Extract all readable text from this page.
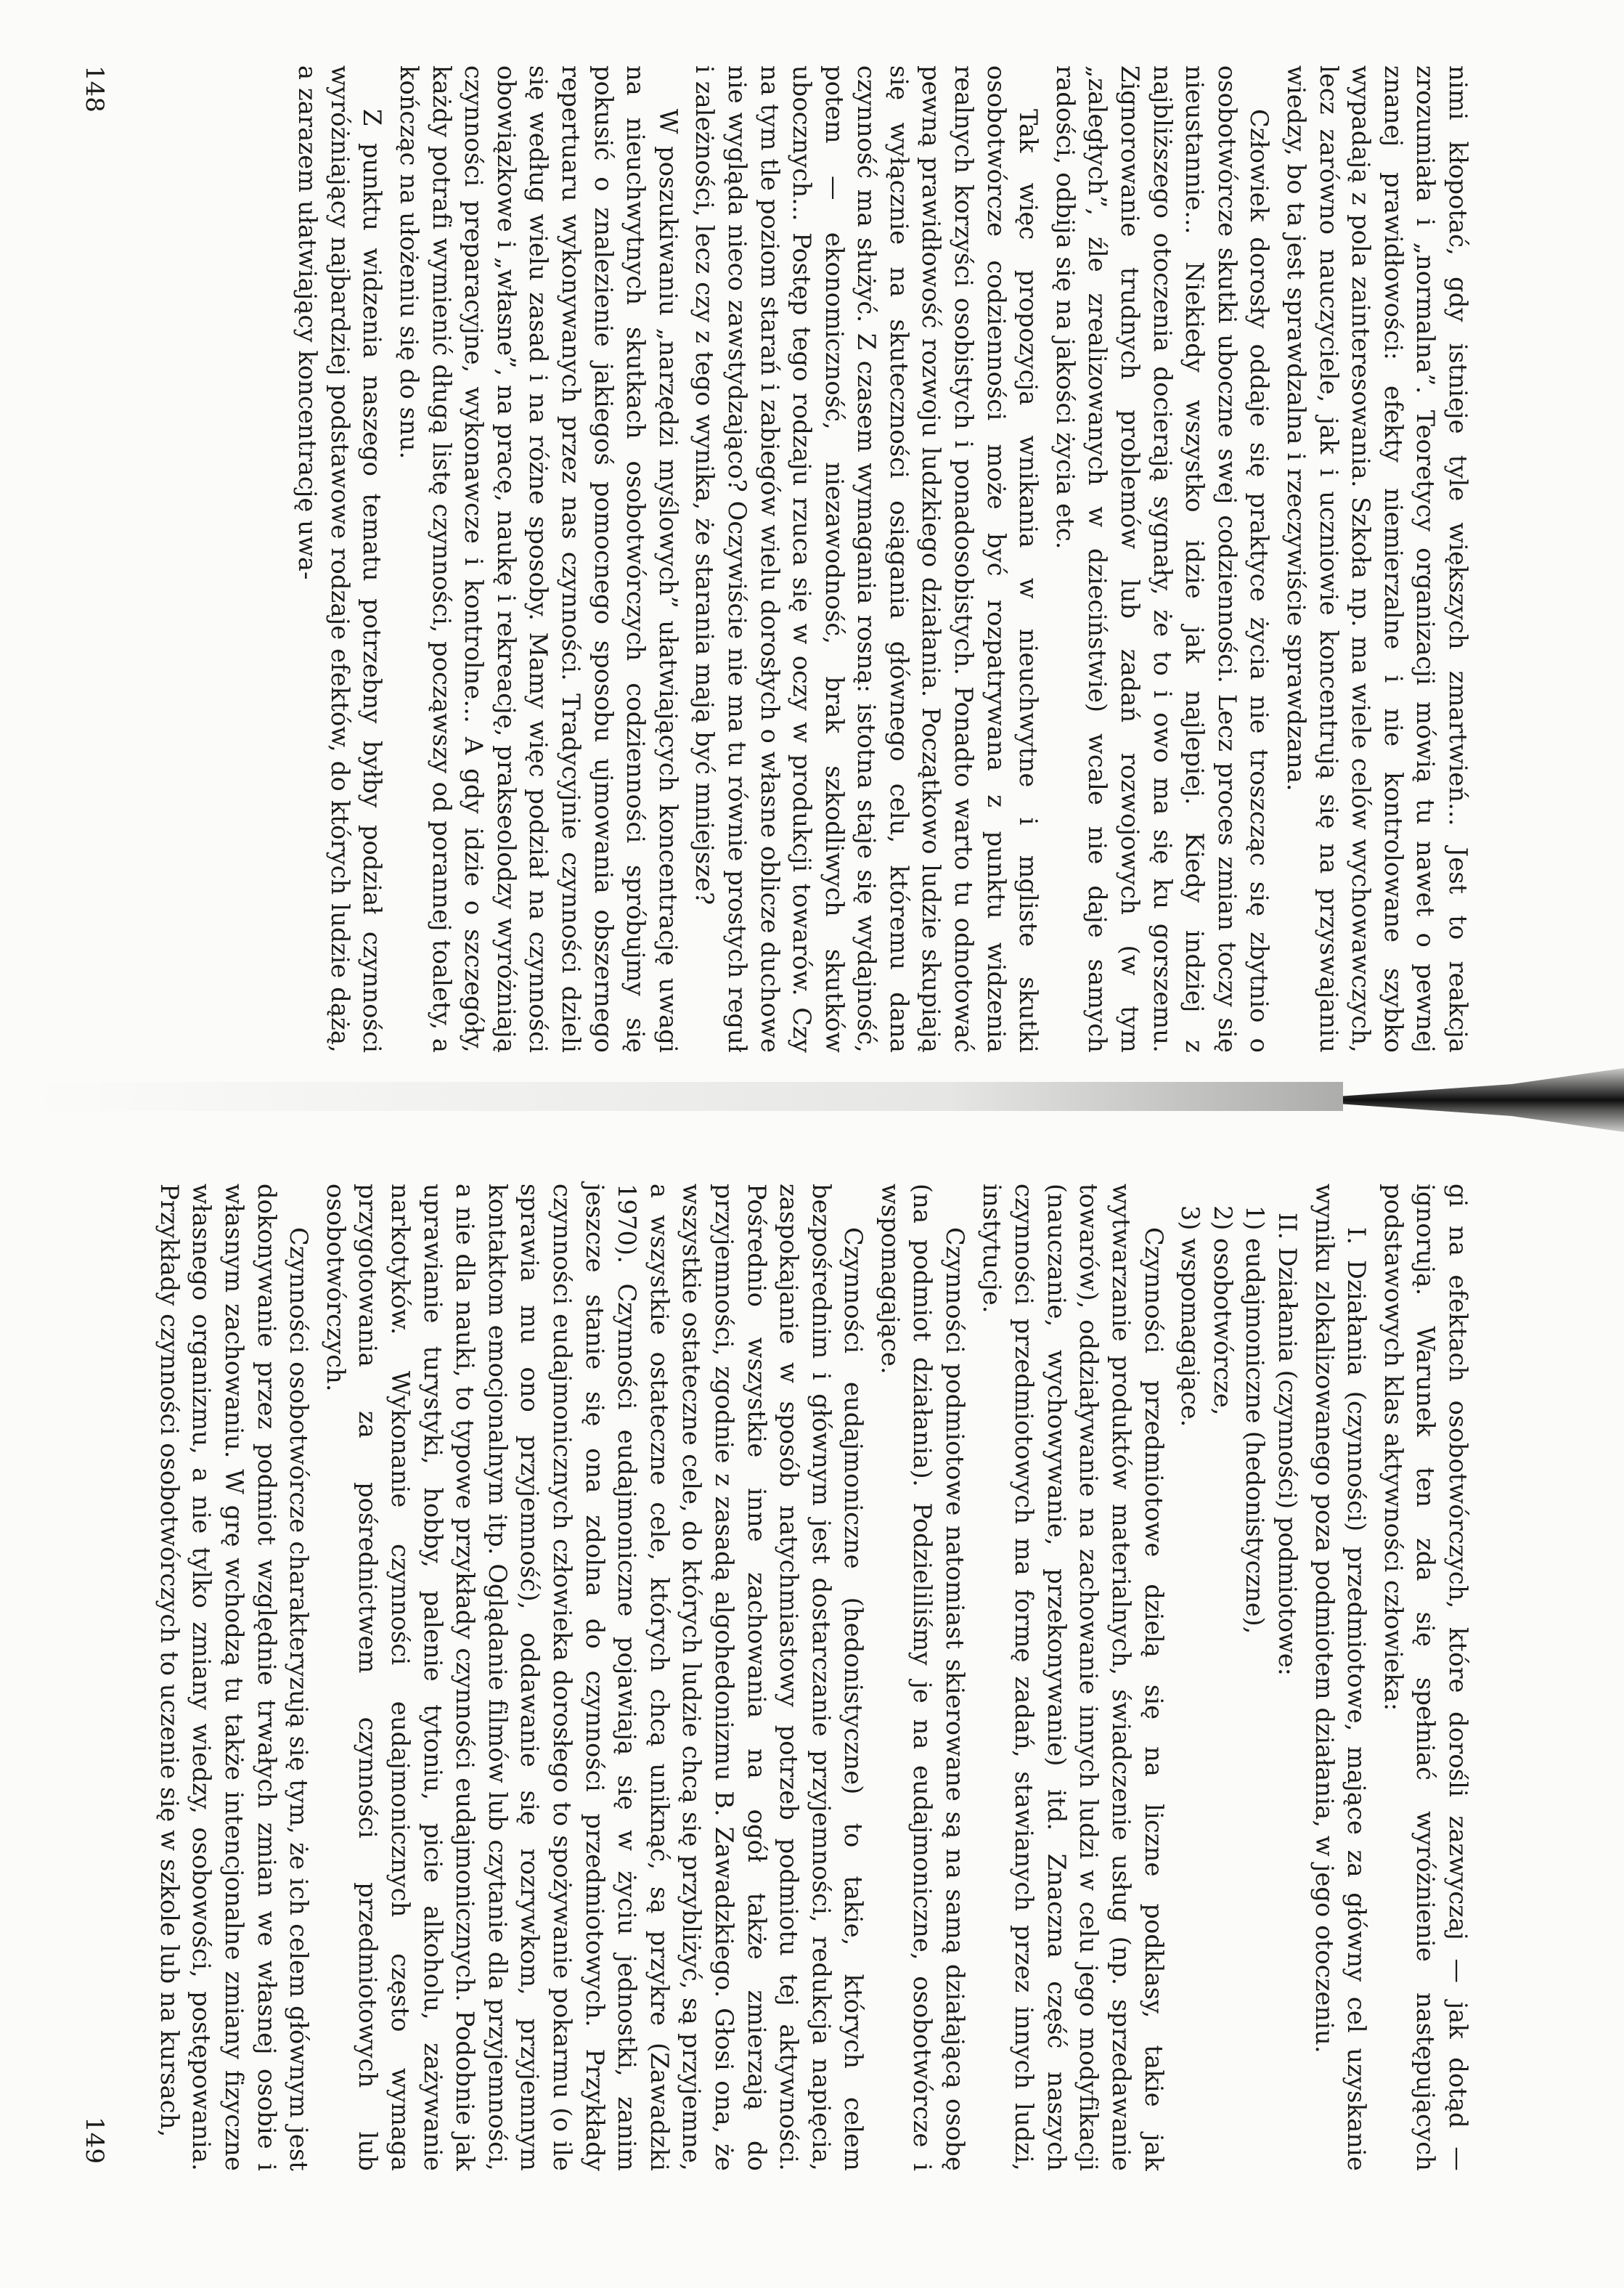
nimi kłopotać, gdy istnieje tyle większych zmartwień... Jest to reakcja zrozumiała i „normalna”. Teoretycy organizacji mówią tu nawet o pewnej znanej prawidłowości: efekty niemierzalne i nie kontrolowane szybko wypadają z pola zainteresowania. Szkoła np. ma wiele celów wychowawczych, lecz zarówno nauczyciele, jak i uczniowie koncentrują się na przyswajaniu wiedzy, bo ta jest sprawdzalna i rzeczywiście sprawdzana.

Człowiek dorosły oddaje się praktyce życia nie troszcząc się zbytnio o osobotwórcze skutki uboczne swej codzienności. Lecz proces zmian toczy się nieustannie... Niekiedy wszystko idzie jak najlepiej. Kiedy indziej z najbliższego otoczenia docierają sygnały, że to i owo ma się ku gorszemu. Zignorowanie trudnych problemów lub zadań rozwojowych (w tym „zaległych”, źle zrealizowanych w dzieciństwie) wcale nie daje samych radości, odbija się na jakości życia etc.

Tak więc propozycja wnikania w nieuchwytne i mgliste skutki osobotwórcze codzienności może być rozpatrywana z punktu widzenia realnych korzyści osobistych i ponadosobistych. Ponadto warto tu odnotować pewną prawidłowość rozwoju ludzkiego działania. Początkowo ludzie skupiają się wyłącznie na skuteczności osiągania głównego celu, któremu dana czynność ma służyć. Z czasem wymagania rosną: istotna staje się wydajność, potem — ekonomiczność, niezawodność, brak szkodliwych skutków ubocznych... Postęp tego rodzaju rzuca się w oczy w produkcji towarów. Czy na tym tle poziom starań i zabiegów wielu dorosłych o własne oblicze duchowe nie wygląda nieco zawstydzająco? Oczywiście nie ma tu równie prostych reguł i zależności, lecz czy z tego wynika, że starania mają być mniejsze?

W poszukiwaniu „narzędzi myślowych” ułatwiających koncentrację uwagi na nieuchwytnych skutkach osobotwórczych codzienności spróbujmy się pokusić o znalezienie jakiegoś pomocnego sposobu ujmowania obszernego repertuaru wykonywanych przez nas czynności. Tradycyjnie czynności dzieli się według wielu zasad i na różne sposoby. Mamy więc podział na czynności obowiązkowe i „własne”, na pracę, naukę i rekreację, prakseolodzy wyróżniają czynności preparacyjne, wykonawcze i kontrolne... A gdy idzie o szczegóły, każdy potrafi wymienić długą listę czynności, począwszy od porannej toalety, a kończąc na ułożeniu się do snu.

Z punktu widzenia naszego tematu potrzebny byłby podział czynności wyróżniający najbardziej podstawowe rodzaje efektów, do których ludzie dążą, a zarazem ułatwiający koncentrację uwa-

148

gi na efektach osobotwórczych, które dorośli zazwyczaj — jak dotąd — ignorują. Warunek ten zda się spełniać wyróżnienie następujących podstawowych klas aktywności człowieka:

I. Działania (czynności) przedmiotowe, mające za główny cel uzyskanie wyniku zlokalizowanego poza podmiotem działania, w jego otoczeniu.

II. Działania (czynności) podmiotowe:
1) eudajmoniczne (hedonistyczne),
2) osobotwórcze,
3) wspomagające.

Czynności przedmiotowe dzielą się na liczne podklasy, takie jak wytwarzanie produktów materialnych, świadczenie usług (np. sprzedawanie towarów), oddziaływanie na zachowanie innych ludzi w celu jego modyfikacji (nauczanie, wychowywanie, przekonywanie) itd. Znaczna część naszych czynności przedmiotowych ma formę zadań, stawianych przez innych ludzi, instytucje.

Czynności podmiotowe natomiast skierowane są na samą działającą osobę (na podmiot działania). Podzieliliśmy je na eudajmoniczne, osobotwórcze i wspomagające.

Czynności eudajmoniczne (hedonistyczne) to takie, których celem bezpośrednim i głównym jest dostarczanie przyjemności, redukcja napięcia, zaspokajanie w sposób natychmiastowy potrzeb podmiotu tej aktywności. Pośrednio wszystkie inne zachowania na ogół także zmierzają do przyjemności, zgodnie z zasadą algohedonizmu B. Zawadzkiego. Głosi ona, że wszystkie ostateczne cele, do których ludzie chcą się przybliżyć, są przyjemne, a wszystkie ostateczne cele, których chcą uniknąć, są przykre (Zawadzki 1970). Czynności eudajmoniczne pojawiają się w życiu jednostki, zanim jeszcze stanie się ona zdolna do czynności przedmiotowych. Przykłady czynności eudajmonicznych człowieka dorosłego to spożywanie pokarmu (o ile sprawia mu ono przyjemność), oddawanie się rozrywkom, przyjemnym kontaktom emocjonalnym itp. Oglądanie filmów lub czytanie dla przyjemności, a nie dla nauki, to typowe przykłady czynności eudajmonicznych. Podobnie jak uprawianie turystyki, hobby, palenie tytoniu, picie alkoholu, zażywanie narkotyków. Wykonanie czynności eudajmonicznych często wymaga przygotowania za pośrednictwem czynności przedmiotowych lub osobotwórczych.

Czynności osobotwórcze charakteryzują się tym, że ich celem głównym jest dokonywanie przez podmiot względnie trwałych zmian we własnej osobie i własnym zachowaniu. W grę wchodzą tu także intencjonalne zmiany fizyczne własnego organizmu, a nie tylko zmiany wiedzy, osobowości, postępowania. Przykłady czynności osobotwórczych to uczenie się w szkole lub na kursach,

149
